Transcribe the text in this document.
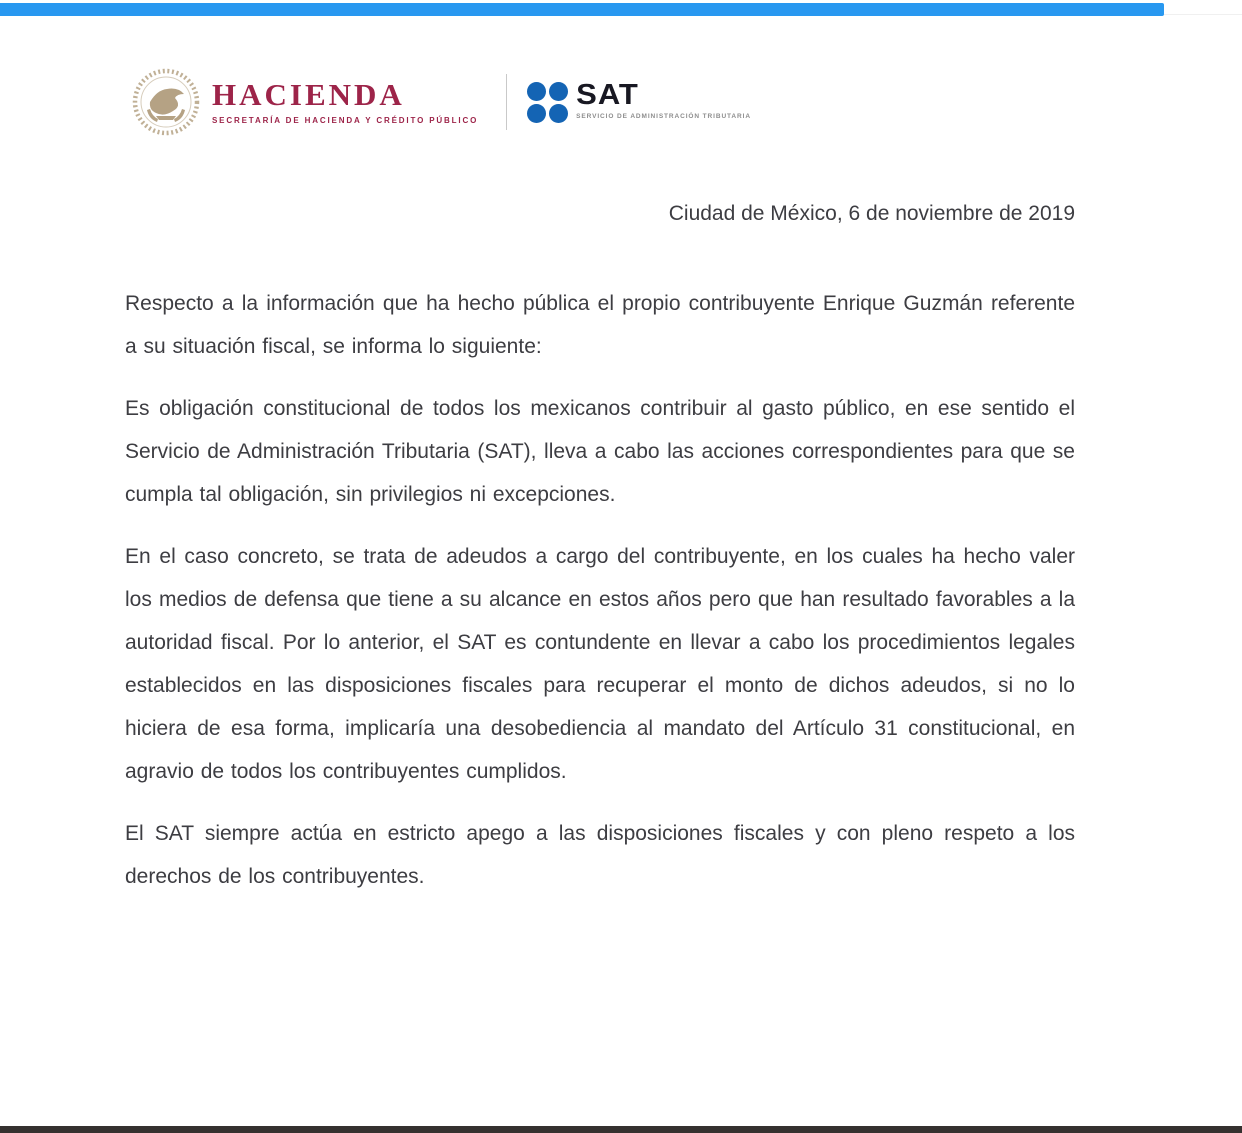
HACIENDA
SECRETARÍA DE HACIENDA Y CRÉDITO PÚBLICO
SAT
SERVICIO DE ADMINISTRACIÓN TRIBUTARIA

Ciudad de México, 6 de noviembre de 2019

Respecto a la información que ha hecho pública el propio contribuyente Enrique Guzmán referente a su situación fiscal, se informa lo siguiente:

Es obligación constitucional de todos los mexicanos contribuir al gasto público, en ese sentido el Servicio de Administración Tributaria (SAT), lleva a cabo las acciones correspondientes para que se cumpla tal obligación, sin privilegios ni excepciones.

En el caso concreto, se trata de adeudos a cargo del contribuyente, en los cuales ha hecho valer los medios de defensa que tiene a su alcance en estos años pero que han resultado favorables a la autoridad fiscal. Por lo anterior, el SAT es contundente en llevar a cabo los procedimientos legales establecidos en las disposiciones fiscales para recuperar el monto de dichos adeudos, si no lo hiciera de esa forma, implicaría una desobediencia al mandato del Artículo 31 constitucional, en agravio de todos los contribuyentes cumplidos.

El SAT siempre actúa en estricto apego a las disposiciones fiscales y con pleno respeto a los derechos de los contribuyentes.
